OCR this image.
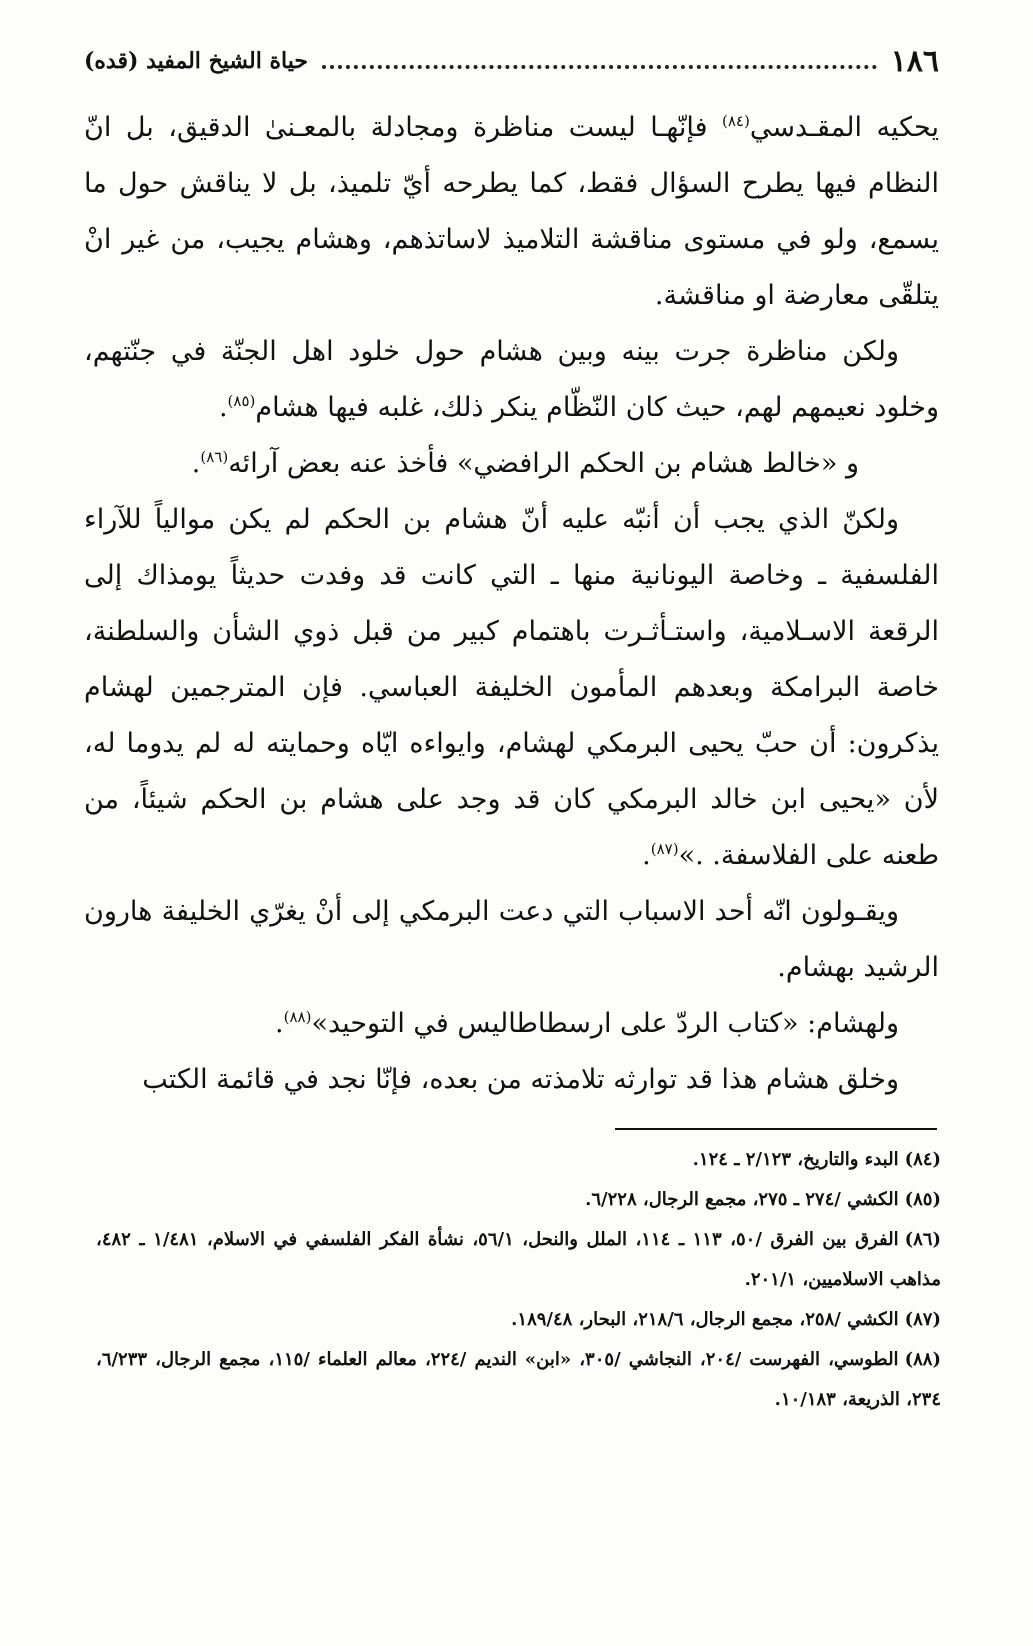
١٨٦
حياة الشيخ المفيد (قده)

يحكيه المقـدسي$^{(٨٤)}$ فإنّهـا ليست مناظرة ومجادلة بالمعـنىٰ الدقيق، بل انّ النظام فيها يطرح السؤال فقط، كما يطرحه أيّ تلميذ، بل لا يناقش حول ما يسمع، ولو في مستوى مناقشة التلاميذ لاساتذهم، وهشام يجيب، من غير انْ يتلقّى معارضة او مناقشة.

ولكن مناظرة جرت بينه وبين هشام حول خلود اهل الجنّة في جنّتهم، وخلود نعيمهم لهم، حيث كان النّظّام ينكر ذلك، غلبه فيها هشام$^{(٨٥)}$.

و «خالط هشام بن الحكم الرافضي» فأخذ عنه بعض آرائه$^{(٨٦)}$.

ولكنّ الذي يجب أن أنبّه عليه أنّ هشام بن الحكم لم يكن موالياً للآراء الفلسفية ـ وخاصة اليونانية منها ـ التي كانت قد وفدت حديثاً يومذاك إلى الرقعة الاسـلامية، واستـأثـرت باهتمام كبير من قبل ذوي الشأن والسلطنة، خاصة البرامكة وبعدهم المأمون الخليفة العباسي. فإن المترجمين لهشام يذكرون: أن حبّ يحيى البرمكي لهشام، وايواءه ايّاه وحمايته له لم يدوما له، لأن «يحيى ابن خالد البرمكي كان قد وجد على هشام بن الحكم شيئاً، من طعنه على الفلاسفة. .»$^{(٨٧)}$.

ويقـولون انّه أحد الاسباب التي دعت البرمكي إلى أنْ يغرّي الخليفة هارون الرشيد بهشام.

ولهشام: «كتاب الردّ على ارسطاطاليس في التوحيد»$^{(٨٨)}$.

وخلق هشام هذا قد توارثه تلامذته من بعده، فإنّا نجد في قائمة الكتب

(٨٤)البدء والتاريخ، ٢/١٢٣ ـ ١٢٤.

(٨٥)الكشي /٢٧٤ ـ ٢٧٥، مجمع الرجال، ٦/٢٢٨.

(٨٦)الفرق بين الفرق /٥٠، ١١٣ ـ ١١٤، الملل والنحل، ٥٦/١، نشأة الفكر الفلسفي في الاسلام، ١/٤٨١ ـ ٤٨٢، مذاهب الاسلاميين، ٢٠١/١.

(٨٧)الكشي /٢٥٨، مجمع الرجال، ٢١٨/٦، البحار، ١٨٩/٤٨.

(٨٨)الطوسي، الفهرست /٢٠٤، النجاشي /٣٠٥، «ابن» النديم /٢٢٤، معالم العلماء /١١٥، مجمع الرجال، ٦/٢٣٣، ٢٣٤، الذريعة، ١٠/١٨٣.
